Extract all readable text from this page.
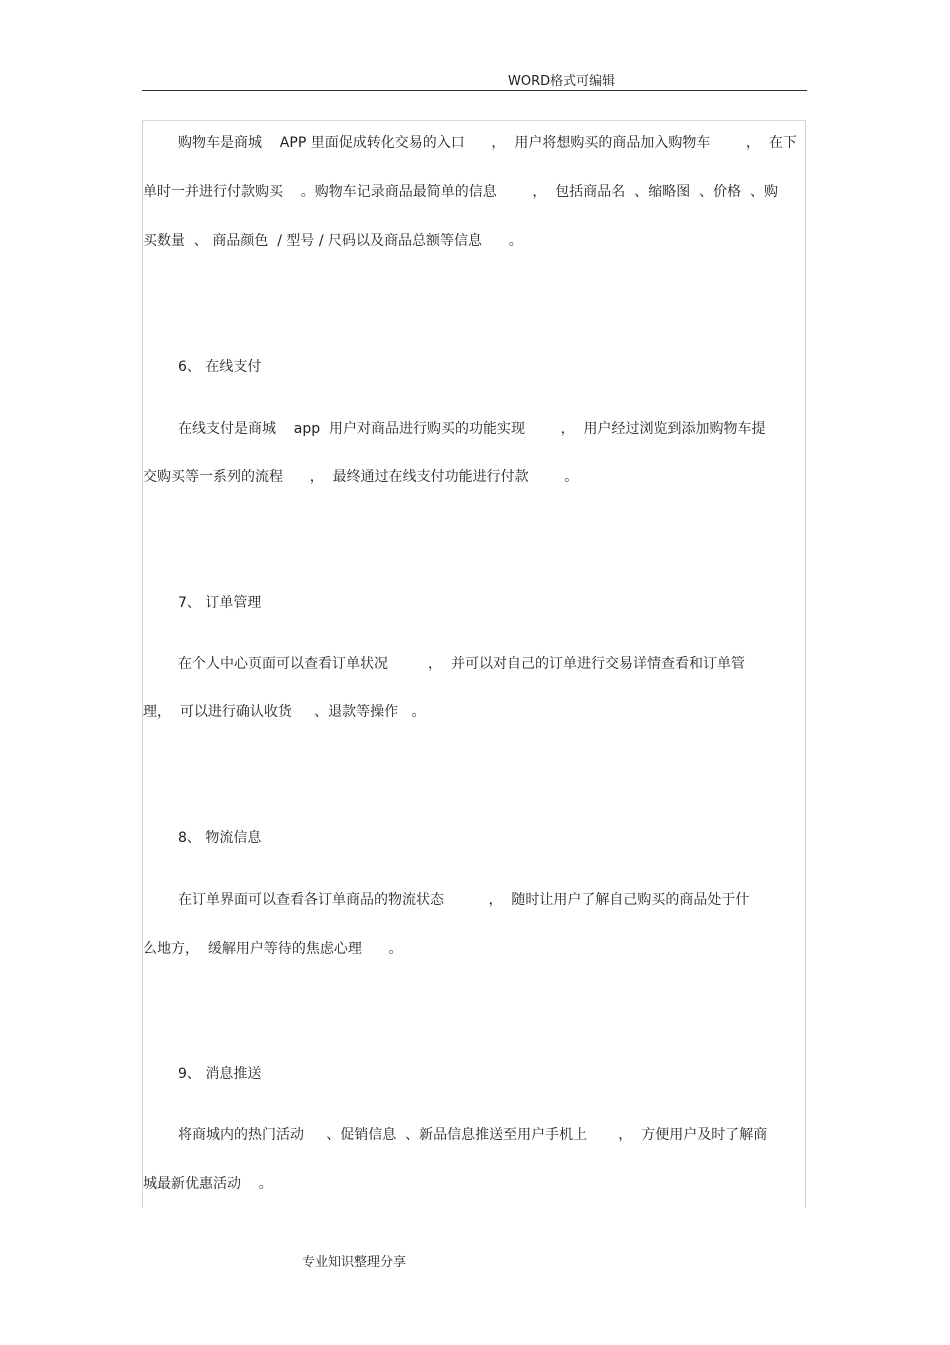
WORD格式可编辑
购物车是商城    APP 里面促成转化交易的入口      ，  用户将想购买的商品加入购物车        ，  在下
单时一并进行付款购买    。购物车记录商品最简单的信息        ，  包括商品名  、缩略图  、价格  、购
买数量  、 商品颜色  / 型号 / 尺码以及商品总额等信息      。
6、 在线支付
在线支付是商城    app  用户对商品进行购买的功能实现        ，  用户经过浏览到添加购物车提
交购买等一系列的流程      ，  最终通过在线支付功能进行付款        。
7、 订单管理
在个人中心页面可以查看订单状况         ，  并可以对自己的订单进行交易详情查看和订单管
理，  可以进行确认收货     、退款等操作   。
8、 物流信息
在订单界面可以查看各订单商品的物流状态          ，  随时让用户了解自己购买的商品处于什
么地方，  缓解用户等待的焦虑心理      。
9、 消息推送
将商城内的热门活动     、促销信息  、新品信息推送至用户手机上       ，  方便用户及时了解商
城最新优惠活动    。
专业知识整理分享
